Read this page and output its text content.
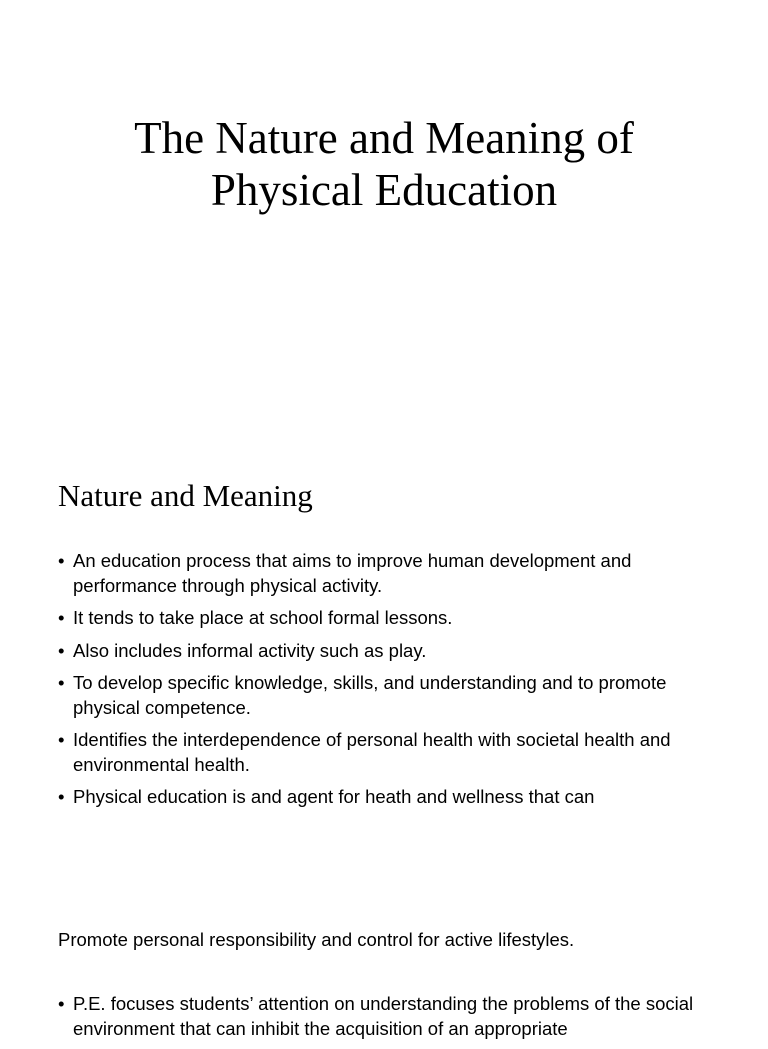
The Nature and Meaning of
Physical Education
Nature and Meaning
• An education process that aims to improve human development and performance through physical activity.
• It tends to take place at school formal lessons.
• Also includes informal activity such as play.
• To develop specific knowledge, skills, and understanding and to promote physical competence.
• Identifies the interdependence of personal health with societal health and environmental health.
• Physical education is and agent for heath and wellness that can

Promote personal responsibility and control for active lifestyles.

• P.E. focuses students’ attention on understanding the problems of the social environment that can inhibit the acquisition of an appropriate
